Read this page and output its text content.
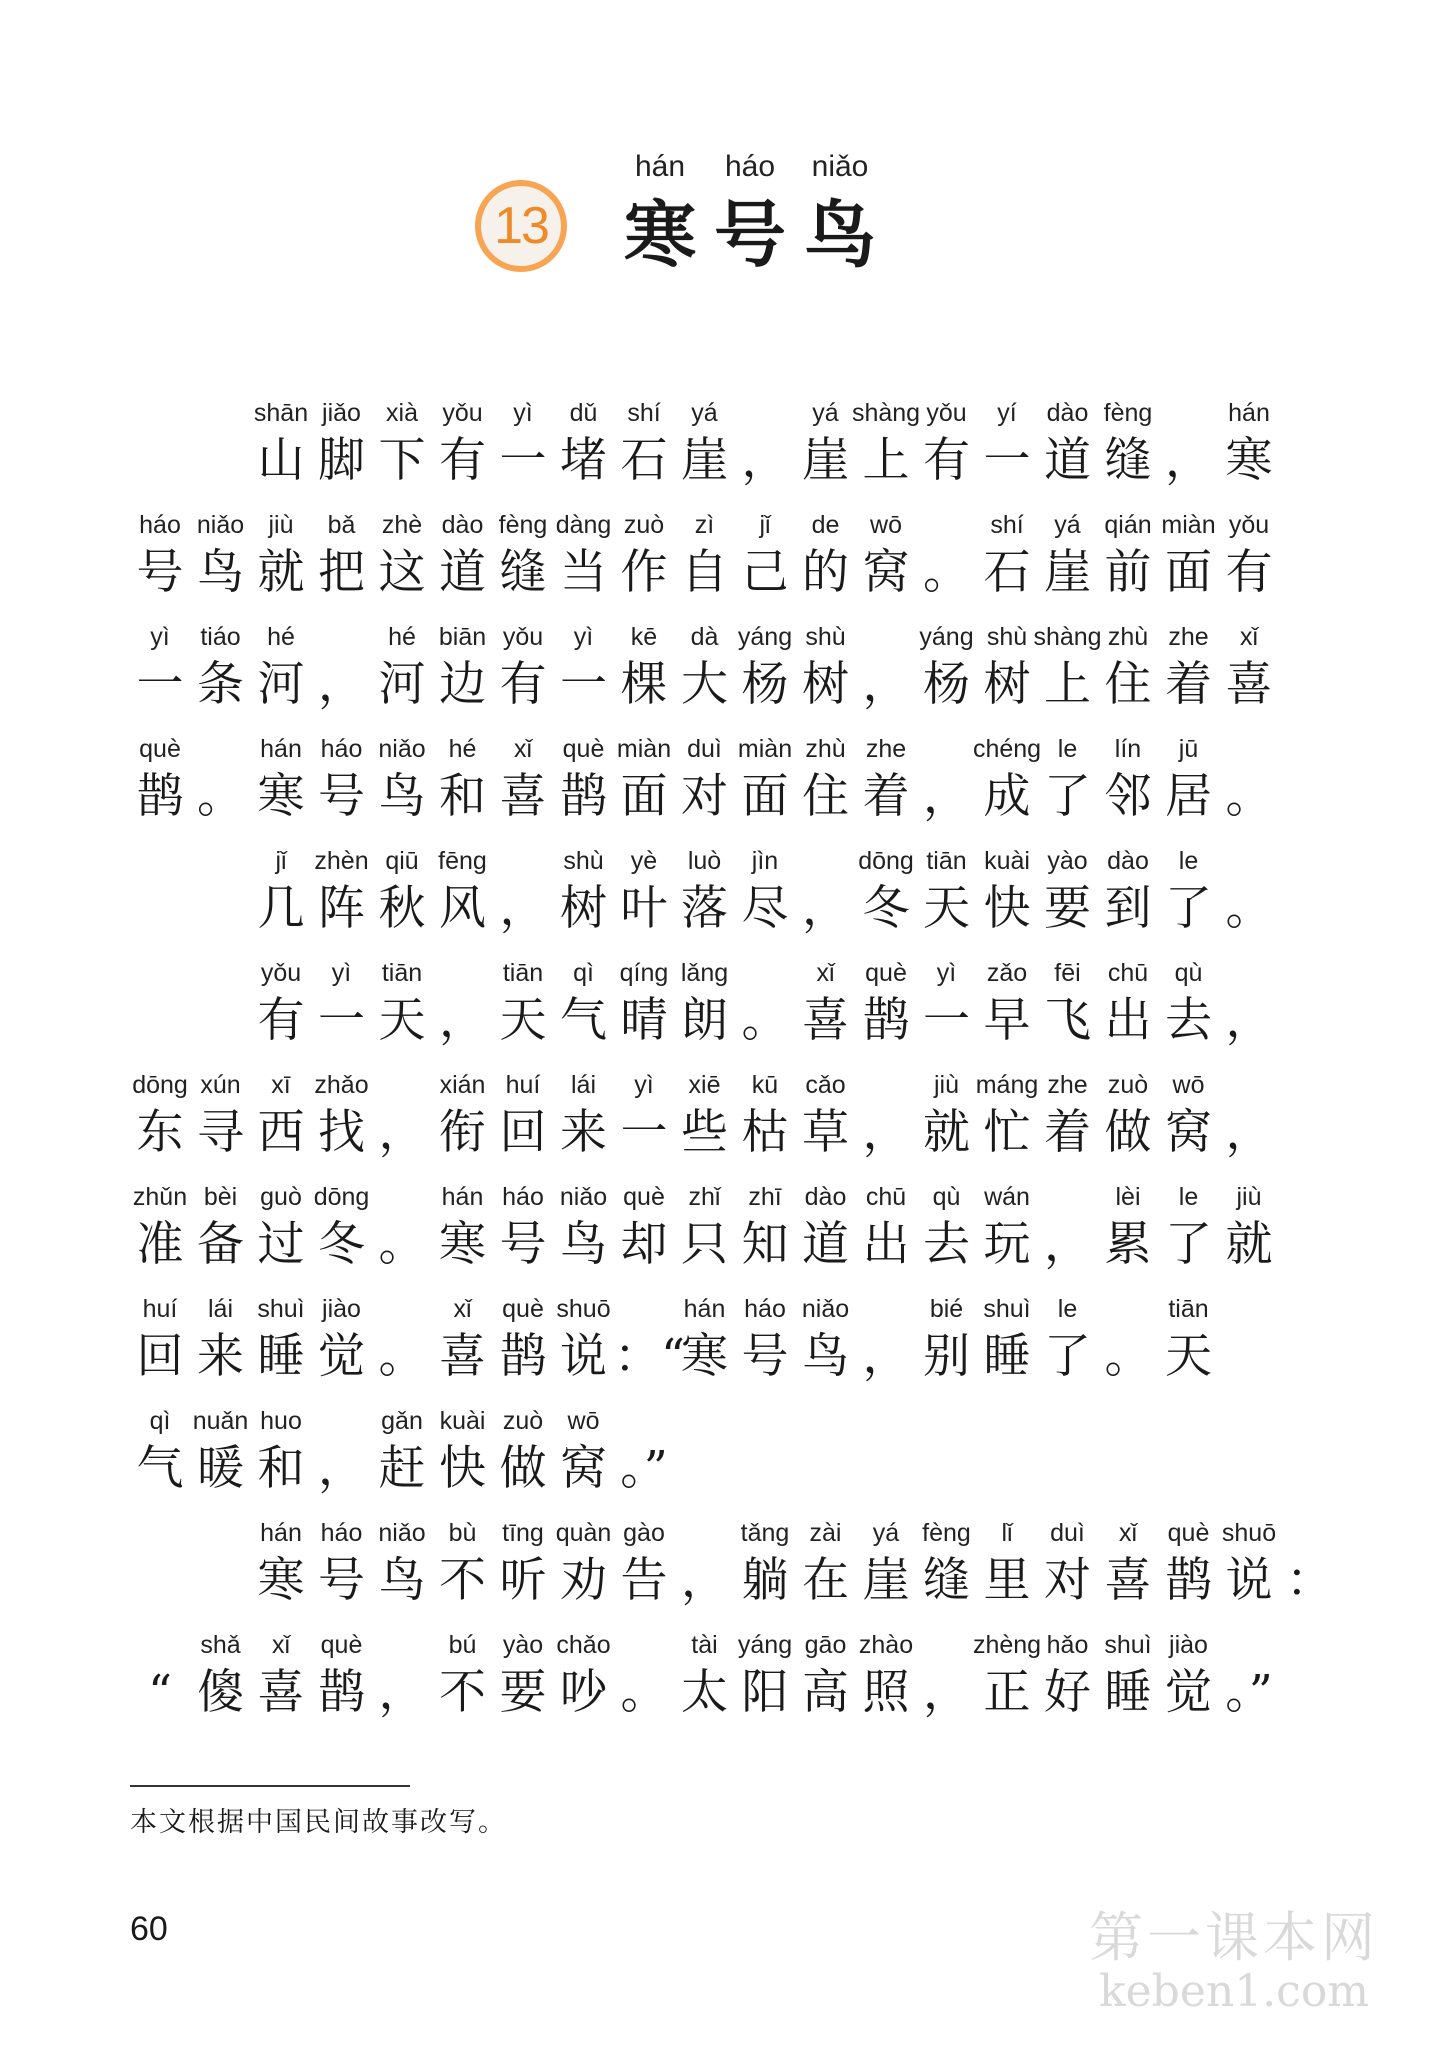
13
hán
寒
háo
号
niǎo
鸟
shān
山
jiǎo
脚
xià
下
yǒu
有
yì
一
dǔ
堵
shí
石
yá
崖 ，
yá
崖
shàng
上
yǒu
有
yí
一
dào
道
fèng
缝 ，
hán
寒
háo
号
niǎo
鸟
jiù
就
bǎ
把
zhè
这
dào
道
fèng
缝
dàng
当
zuò
作
zì
自
jǐ
己
de
的
wō
窝 。
shí
石
yá
崖
qián
前
miàn
面
yǒu
有
yì
一
tiáo
条
hé
河 ，
hé
河
biān
边
yǒu
有
yì
一
kē
棵
dà
大
yáng
杨
shù
树 ，
yáng
杨
shù
树
shàng
上
zhù
住
zhe
着
xǐ
喜
què
鹊 。
hán
寒
háo
号
niǎo
鸟
hé
和
xǐ
喜
què
鹊
miàn
面
duì
对
miàn
面
zhù
住
zhe
着 ，
chéng
成
le
了
lín
邻
jū
居 。
jǐ
几
zhèn
阵
qiū
秋
fēng
风 ，
shù
树
yè
叶
luò
落
jìn
尽 ，
dōng
冬
tiān
天
kuài
快
yào
要
dào
到
le
了 。
yǒu
有
yì
一
tiān
天 ，
tiān
天
qì
气
qíng
晴
lǎng
朗 。
xǐ
喜
què
鹊
yì
一
zǎo
早
fēi
飞
chū
出
qù
去 ，
dōng
东
xún
寻
xī
西
zhǎo
找 ，
xián
衔
huí
回
lái
来
yì
一
xiē
些
kū
枯
cǎo
草 ，
jiù
就
máng
忙
zhe
着
zuò
做
wō
窝 ，
zhǔn
准
bèi
备
guò
过
dōng
冬 。
hán
寒
háo
号
niǎo
鸟
què
却
zhǐ
只
zhī
知
dào
道
chū
出
qù
去
wán
玩 ，
lèi
累
le
了
jiù
就
huí
回
lái
来
shuì
睡
jiào
觉 。
xǐ
喜
què
鹊
shuō
说 ：“
hán
寒
háo
号
niǎo
鸟 ，
bié
别
shuì
睡
le
了 。
tiān
天
qì
气
nuǎn
暖
huo
和 ，
gǎn
赶
kuài
快
zuò
做
wō
窝 。”
hán
寒
háo
号
niǎo
鸟
bù
不
tīng
听
quàn
劝
gào
告 ，
tǎng
躺
zài
在
yá
崖
fèng
缝
lǐ
里
duì
对
xǐ
喜
què
鹊
shuō
说 ：
“
shǎ
傻
xǐ
喜
què
鹊 ，
bú
不
yào
要
chǎo
吵 。
tài
太
yáng
阳
gāo
高
zhào
照 ，
zhèng
正
hǎo
好
shuì
睡
jiào
觉 。”
本文根据中国民间故事改写。
60	第一课本网
keben1.com
